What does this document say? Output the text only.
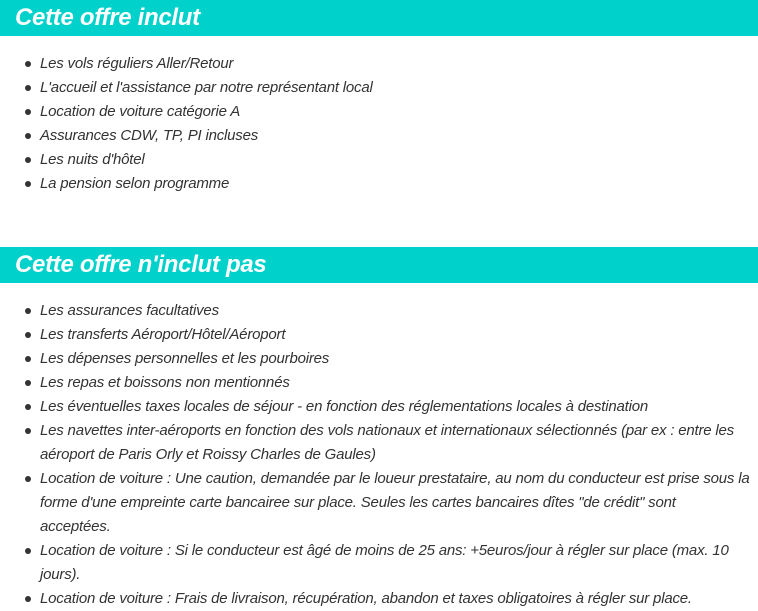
Cette offre inclut
Les vols réguliers Aller/Retour
L'accueil et l'assistance par notre représentant local
Location de voiture catégorie A
Assurances CDW, TP, PI incluses
Les nuits d'hôtel
La pension selon programme
Cette offre n'inclut pas
Les assurances facultatives
Les transferts Aéroport/Hôtel/Aéroport
Les dépenses personnelles et les pourboires
Les repas et boissons non mentionnés
Les éventuelles taxes locales de séjour - en fonction des réglementations locales à destination
Les navettes inter-aéroports en fonction des vols nationaux et internationaux sélectionnés (par ex : entre les aéroport de Paris Orly et Roissy Charles de Gaules)
Location de voiture : Une caution, demandée par le loueur prestataire, au nom du conducteur est prise sous la forme d'une empreinte carte bancairee sur place. Seules les cartes bancaires dîtes "de crédit" sont acceptées.
Location de voiture : Si le conducteur est âgé de moins de 25 ans: +5euros/jour à régler sur place (max. 10 jours).
Location de voiture : Frais de livraison, récupération, abandon et taxes obligatoires à régler sur place.
